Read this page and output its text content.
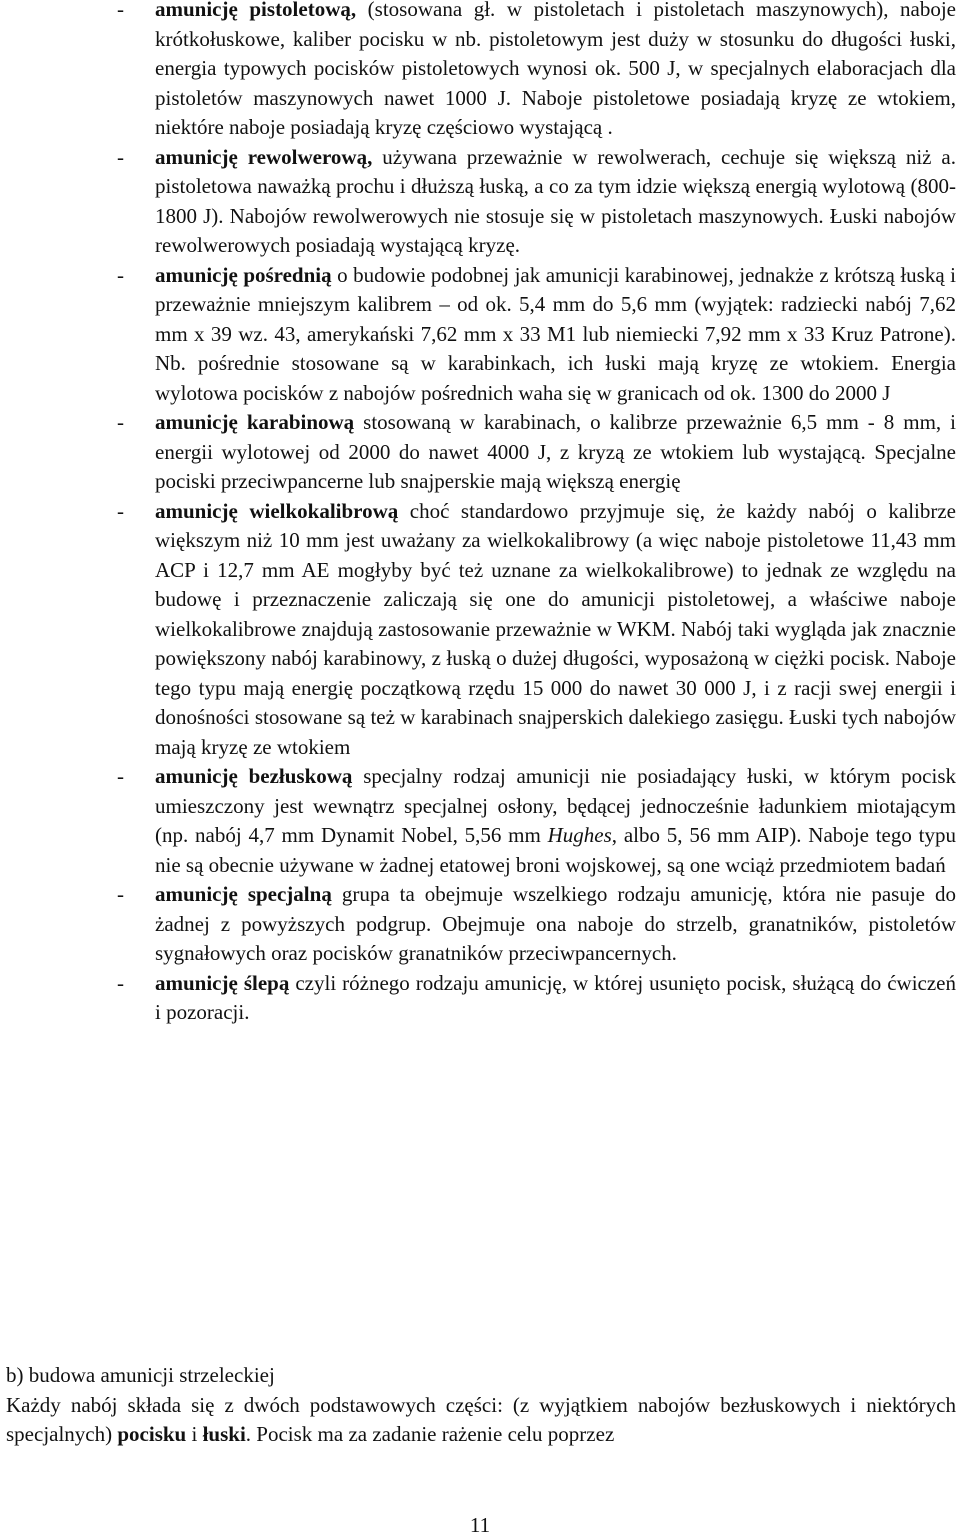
- amunicję pistoletową, (stosowana gł. w pistoletach i pistoletach maszynowych), naboje krótkołuskowe, kaliber pocisku w nb. pistoletowym jest duży w stosunku do długości łuski, energia typowych pocisków pistoletowych wynosi ok. 500 J, w specjalnych elaboracjach dla pistoletów maszynowych nawet 1000 J. Naboje pistoletowe posiadają kryzę ze wtokiem, niektóre naboje posiadają kryzę częściowo wystającą .

- amunicję rewolwerową, używana przeważnie w rewolwerach, cechuje się większą niż a. pistoletowa naważką prochu i dłuższą łuską, a co za tym idzie większą energią wylotową (800-1800 J). Nabojów rewolwerowych nie stosuje się w pistoletach maszynowych. Łuski nabojów rewolwerowych posiadają wystającą kryzę.

- amunicję pośrednią o budowie podobnej jak amunicji karabinowej, jednakże z krótszą łuską i przeważnie mniejszym kalibrem – od ok. 5,4 mm do 5,6 mm (wyjątek: radziecki nabój 7,62 mm x 39 wz. 43, amerykański 7,62 mm x 33 M1 lub niemiecki 7,92 mm x 33 Kruz Patrone). Nb. pośrednie stosowane są w karabinkach, ich łuski mają kryzę ze wtokiem. Energia wylotowa pocisków z nabojów pośrednich waha się w granicach od ok. 1300 do 2000 J

- amunicję karabinową stosowaną w karabinach, o kalibrze przeważnie 6,5 mm - 8 mm, i energii wylotowej od 2000 do nawet 4000 J, z kryzą ze wtokiem lub wystającą. Specjalne pociski przeciwpancerne lub snajperskie mają większą energię

- amunicję wielkokalibrową choć standardowo przyjmuje się, że każdy nabój o kalibrze większym niż 10 mm jest uważany za wielkokalibrowy (a więc naboje pistoletowe 11,43 mm ACP i 12,7 mm AE mogłyby być też uznane za wielkokalibrowe) to jednak ze względu na budowę i przeznaczenie zaliczają się one do amunicji pistoletowej, a właściwe naboje wielkokalibrowe znajdują zastosowanie przeważnie w WKM. Nabój taki wygląda jak znacznie powiększony nabój karabinowy, z łuską o dużej długości, wyposażoną w ciężki pocisk. Naboje tego typu mają energię początkową rzędu 15 000 do nawet 30 000 J, i z racji swej energii i donośności stosowane są też w karabinach snajperskich dalekiego zasięgu. Łuski tych nabojów mają kryzę ze wtokiem

- amunicję bezłuskową specjalny rodzaj amunicji nie posiadający łuski, w którym pocisk umieszczony jest wewnątrz specjalnej osłony, będącej jednocześnie ładunkiem miotającym (np. nabój 4,7 mm Dynamit Nobel, 5,56 mm Hughes, albo 5, 56 mm AIP). Naboje tego typu nie są obecnie używane w żadnej etatowej broni wojskowej, są one wciąż przedmiotem badań

- amunicję specjalną grupa ta obejmuje wszelkiego rodzaju amunicję, która nie pasuje do żadnej z powyższych podgrup. Obejmuje ona naboje do strzelb, granatników, pistoletów sygnałowych oraz pocisków granatników przeciwpancernych.

- amunicję ślepą czyli różnego rodzaju amunicję, w której usunięto pocisk, służącą do ćwiczeń i pozoracji.

b) budowa amunicji strzeleckiej

Każdy nabój składa się z dwóch podstawowych części: (z wyjątkiem nabojów bezłuskowych i niektórych specjalnych) pocisku i łuski. Pocisk ma za zadanie rażenie celu poprzez

11
